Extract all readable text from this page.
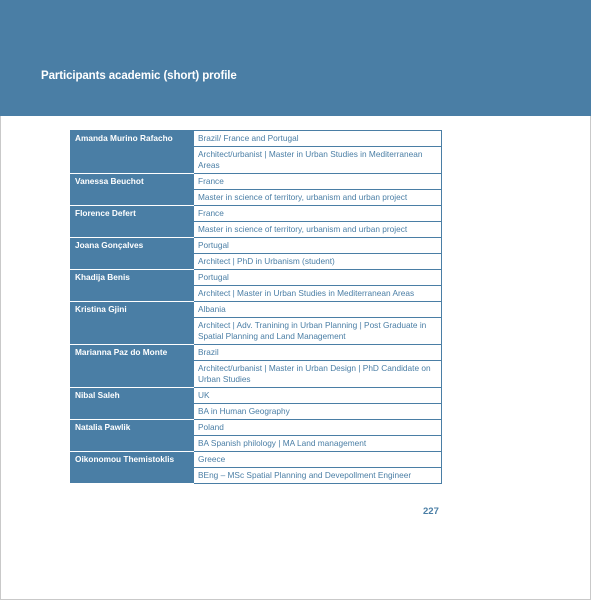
Participants academic (short) profile
Amanda Murino Rafacho	Brazil/ France and Portugal
	Architect/urbanist | Master in Urban Studies in Mediterranean Areas
Vanessa Beuchot	France
	Master in science of territory, urbanism and urban project
Florence Defert	France
	Master in science of territory, urbanism and urban project
Joana Gonçalves	Portugal
	Architect | PhD in Urbanism (student)
Khadija Benis	Portugal
	Architect | Master in Urban Studies in Mediterranean Areas
Kristina Gjini	Albania
	Architect | Adv. Tranining in Urban Planning | Post Graduate in Spatial Planning and Land Management
Marianna Paz do Monte	Brazil
	Architect/urbanist | Master in Urban Design | PhD Candidate on Urban Studies
Nibal Saleh	UK
	BA in Human Geography
Natalia Pawlik	Poland
	BA Spanish philology | MA Land management
Oikonomou Themistoklis	Greece
	BEng – MSc Spatial Planning and Devepollment Engineer
227
